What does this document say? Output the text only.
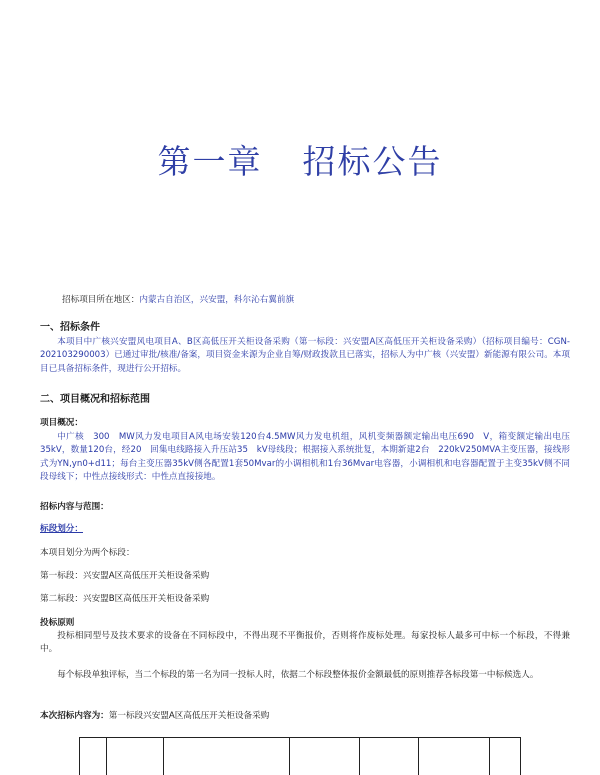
第一章 招标公告
招标项目所在地区：内蒙古自治区，兴安盟，科尔沁右翼前旗
一、招标条件
本项目中广核兴安盟风电项目A、B区高低压开关柜设备采购（第一标段：兴安盟A区高低压开关柜设备采购）（招标项目编号：CGN-202103290003）已通过审批/核准/备案，项目资金来源为企业自筹/财政拨款且已落实，招标人为中广核（兴安盟）新能源有限公司。本项目已具备招标条件，现进行公开招标。
二、项目概况和招标范围
项目概况：
中广核　300　MW风力发电项目A风电场安装120台4.5MW风力发电机组，风机变频器额定输出电压690　V，箱变额定输出电压　35kV，数量120台，经20　回集电线路接入升压站35　kV母线段；根据接入系统批复，本期新建2台　220kV250MVA主变压器，接线形式为YN,yn0+d11；每台主变压器35kV侧各配置1套50Mvar的小调相机和1台36Mvar电容器，小调相机和电容器配置于主变35kV侧不同段母线下；中性点接线形式：中性点直接接地。
招标内容与范围：
标段划分：
本项目划分为两个标段：
第一标段：兴安盟A区高低压开关柜设备采购
第二标段：兴安盟B区高低压开关柜设备采购
投标原则
投标相同型号及技术要求的设备在不同标段中，不得出现不平衡报价，否则将作废标处理。每家投标人最多可中标一个标段，不得兼中。
每个标段单独评标，当二个标段的第一名为同一投标人时，依据二个标段整体报价金额最低的原则推荐各标段第一中标候选人。
本次招标内容为：第一标段兴安盟A区高低压开关柜设备采购
